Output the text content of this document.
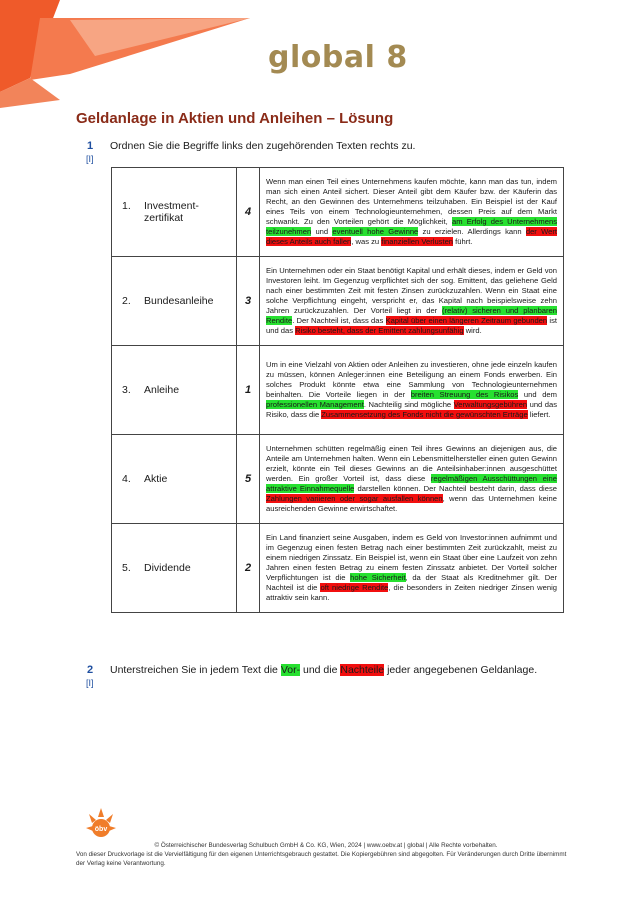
global 8
Geldanlage in Aktien und Anleihen – Lösung
1
[I]
Ordnen Sie die Begriffe links den zugehörenden Texten rechts zu.
1. Investment-zertifikat	4	Wenn man einen Teil eines Unternehmens kaufen möchte, kann man das tun, indem man sich einen Anteil sichert. Dieser Anteil gibt dem Käufer bzw. der Käuferin das Recht, an den Gewinnen des Unternehmens teilzuhaben. Ein Beispiel ist der Kauf eines Teils von einem Technologieunternehmen, dessen Preis auf dem Markt schwankt. Zu den Vorteilen gehört die Möglichkeit, am Erfolg des Unternehmens teilzunehmen und eventuell hohe Gewinne zu erzielen. Allerdings kann der Wert dieses Anteils auch fallen, was zu finanziellen Verlusten führt.
2. Bundesanleihe	3	Ein Unternehmen oder ein Staat benötigt Kapital und erhält dieses, indem er Geld von Investoren leiht. Im Gegenzug verpflichtet sich der sog. Emittent, das geliehene Geld nach einer bestimmten Zeit mit festen Zinsen zurückzuzahlen. Wenn ein Staat eine solche Verpflichtung eingeht, verspricht er, das Kapital nach beispielsweise zehn Jahren zurückzuzahlen. Der Vorteil liegt in der (relativ) sicheren und planbaren Rendite. Der Nachteil ist, dass das Kapital über einen längeren Zeitraum gebunden ist und das Risiko besteht, dass der Emittent zahlungsunfähig wird.
3. Anleihe	1	Um in eine Vielzahl von Aktien oder Anleihen zu investieren, ohne jede einzeln kaufen zu müssen, können Anleger:innen eine Beteiligung an einem Fonds erwerben. Ein solches Produkt könnte etwa eine Sammlung von Technologieunternehmen beinhalten. Die Vorteile liegen in der breiten Streuung des Risikos und dem professionellen Management. Nachteilig sind mögliche Verwaltungsgebühren und das Risiko, dass die Zusammensetzung des Fonds nicht die gewünschten Erträge liefert.
4. Aktie	5	Unternehmen schütten regelmäßig einen Teil ihres Gewinns an diejenigen aus, die Anteile am Unternehmen halten. Wenn ein Lebensmittelhersteller einen guten Gewinn erzielt, könnte ein Teil dieses Gewinns an die Anteilsinhaber:innen ausgeschüttet werden. Ein großer Vorteil ist, dass diese regelmäßigen Ausschüttungen eine attraktive Einnahmequelle darstellen können. Der Nachteil besteht darin, dass diese Zahlungen variieren oder sogar ausfallen können, wenn das Unternehmen keine ausreichenden Gewinne erwirtschaftet.
5. Dividende	2	Ein Land finanziert seine Ausgaben, indem es Geld von Investor:innen aufnimmt und im Gegenzug einen festen Betrag nach einer bestimmten Zeit zurückzahlt, meist zu einem niedrigen Zinssatz. Ein Beispiel ist, wenn ein Staat über eine Laufzeit von zehn Jahren einen festen Betrag zu einem festen Zinssatz anbietet. Der Vorteil solcher Verpflichtungen ist die hohe Sicherheit, da der Staat als Kreditnehmer gilt. Der Nachteil ist die oft niedrige Rendite, die besonders in Zeiten niedriger Zinsen wenig attraktiv sein kann.
2
[I]
Unterstreichen Sie in jedem Text die Vor- und die Nachteile jeder angegebenen Geldanlage.
öbv
© Österreichischer Bundesverlag Schulbuch GmbH & Co. KG, Wien, 2024 | www.oebv.at | global | Alle Rechte vorbehalten.
Von dieser Druckvorlage ist die Vervielfältigung für den eigenen Unterrichtsgebrauch gestattet. Die Kopiergebühren sind abgegolten. Für Veränderungen durch Dritte übernimmt der Verlag keine Verantwortung.
